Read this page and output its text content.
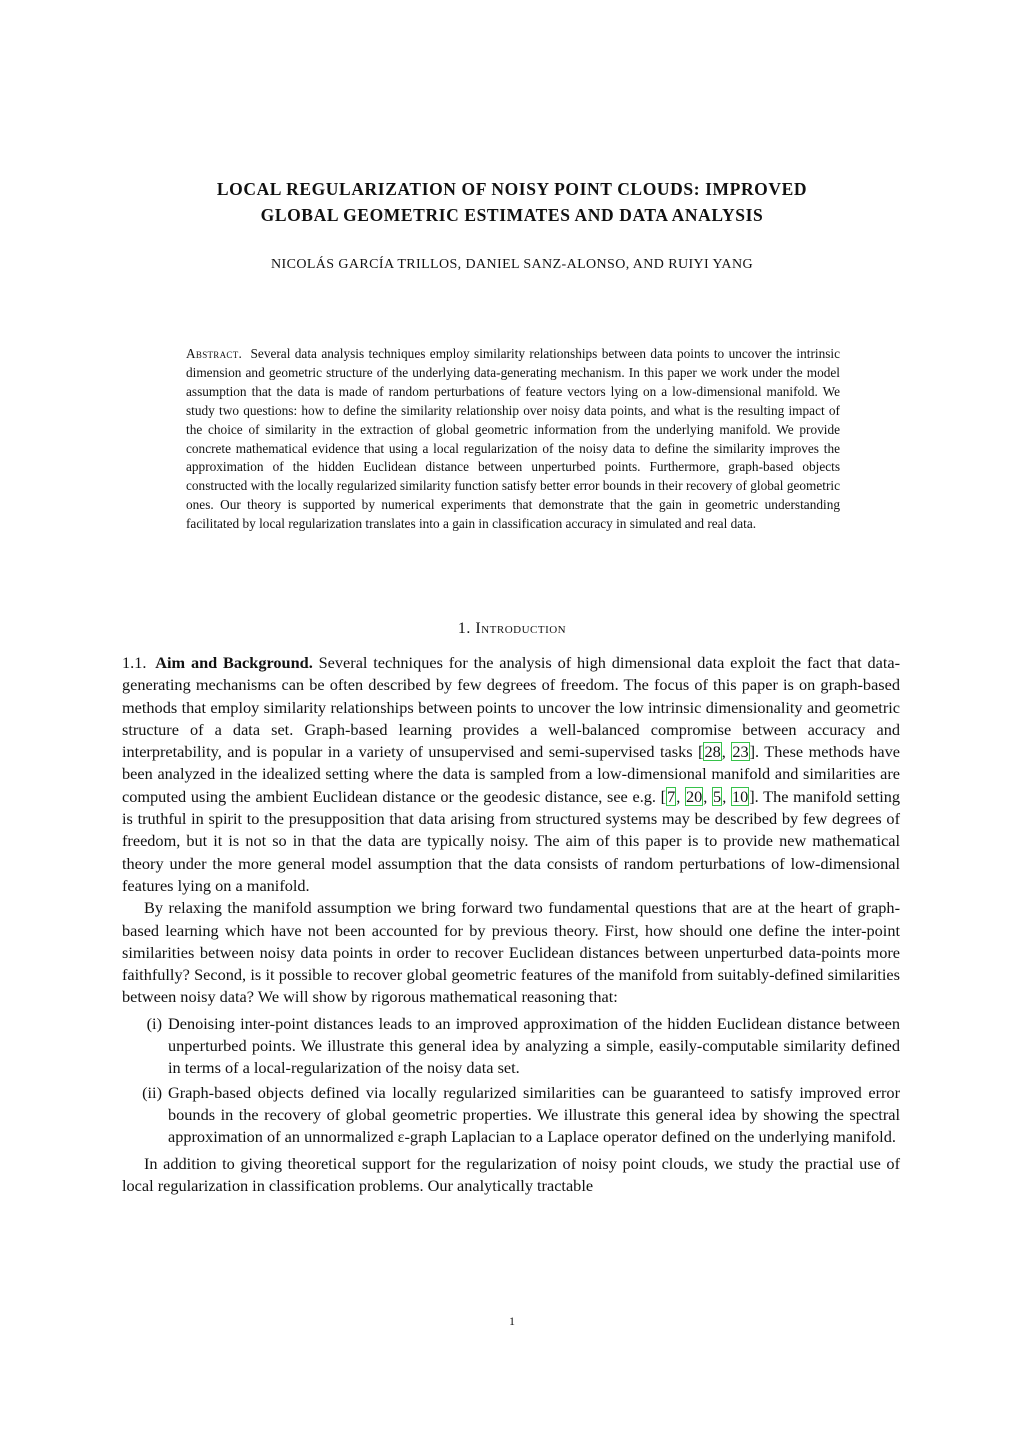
LOCAL REGULARIZATION OF NOISY POINT CLOUDS: IMPROVED
GLOBAL GEOMETRIC ESTIMATES AND DATA ANALYSIS
NICOLÁS GARCÍA TRILLOS, DANIEL SANZ-ALONSO, AND RUIYI YANG
Abstract. Several data analysis techniques employ similarity relationships between data points to uncover the intrinsic dimension and geometric structure of the underlying data-generating mechanism. In this paper we work under the model assumption that the data is made of random perturbations of feature vectors lying on a low-dimensional manifold. We study two questions: how to define the similarity relationship over noisy data points, and what is the resulting impact of the choice of similarity in the extraction of global geometric information from the underlying manifold. We provide concrete mathematical evidence that using a local regularization of the noisy data to define the similarity improves the approximation of the hidden Euclidean distance between unperturbed points. Furthermore, graph-based objects constructed with the locally regularized similarity function satisfy better error bounds in their recovery of global geometric ones. Our theory is supported by numerical experiments that demonstrate that the gain in geometric understanding facilitated by local regularization translates into a gain in classification accuracy in simulated and real data.
1. Introduction

1.1. Aim and Background. Several techniques for the analysis of high dimensional data exploit the fact that data-generating mechanisms can be often described by few degrees of freedom. The focus of this paper is on graph-based methods that employ similarity relationships between points to uncover the low intrinsic dimensionality and geometric structure of a data set. Graph-based learning provides a well-balanced compromise between accuracy and interpretability, and is popular in a variety of unsupervised and semi-supervised tasks [28, 23]. These methods have been analyzed in the idealized setting where the data is sampled from a low-dimensional manifold and similarities are computed using the ambient Euclidean distance or the geodesic distance, see e.g. [7, 20, 5, 10]. The manifold setting is truthful in spirit to the presupposition that data arising from structured systems may be described by few degrees of freedom, but it is not so in that the data are typically noisy. The aim of this paper is to provide new mathematical theory under the more general model assumption that the data consists of random perturbations of low-dimensional features lying on a manifold.

By relaxing the manifold assumption we bring forward two fundamental questions that are at the heart of graph-based learning which have not been accounted for by previous theory. First, how should one define the inter-point similarities between noisy data points in order to recover Euclidean distances between unperturbed data-points more faithfully? Second, is it possible to recover global geometric features of the manifold from suitably-defined similarities between noisy data? We will show by rigorous mathematical reasoning that:

(i) Denoising inter-point distances leads to an improved approximation of the hidden Euclidean distance between unperturbed points. We illustrate this general idea by analyzing a simple, easily-computable similarity defined in terms of a local-regularization of the noisy data set.
(ii) Graph-based objects defined via locally regularized similarities can be guaranteed to satisfy improved error bounds in the recovery of global geometric properties. We illustrate this general idea by showing the spectral approximation of an unnormalized ε-graph Laplacian to a Laplace operator defined on the underlying manifold.

In addition to giving theoretical support for the regularization of noisy point clouds, we study the practial use of local regularization in classification problems. Our analytically tractable

1
